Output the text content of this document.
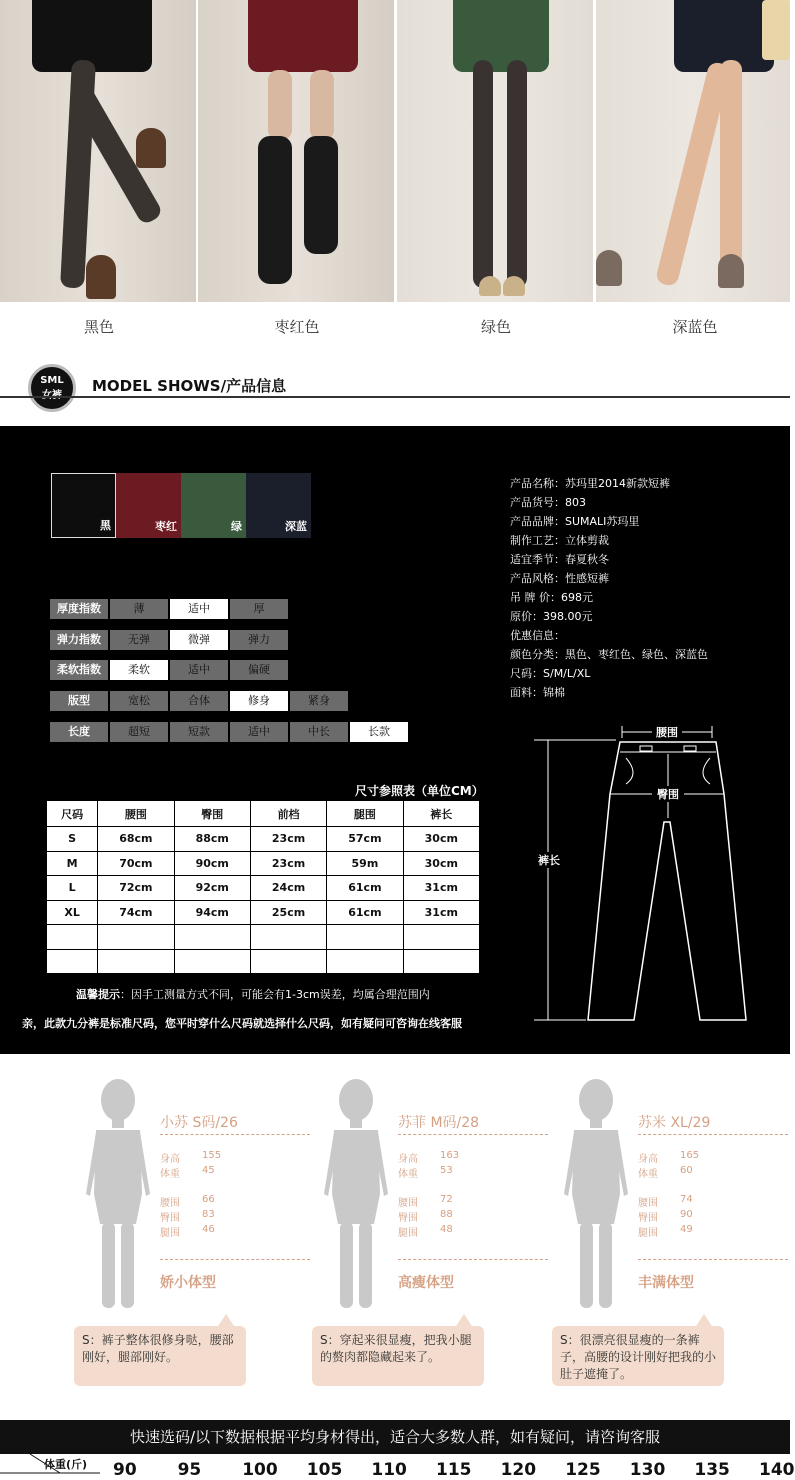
黑色	枣红色	绿色	深蓝色
SML	MODEL SHOWS/产品信息
黑	枣红	绿	深蓝
厚度指数	薄	适中	厚
弹力指数	无弹	微弹	弹力
柔软指数	柔软	适中	偏硬
版型	宽松	合体	修身	紧身
长度	超短	短款	适中	中长	长款
尺寸参照表（单位CM）
尺码	腰围	臀围	前档	腿围	裤长
S	68cm	88cm	23cm	57cm	30cm
M	70cm	90cm	23cm	59m	30cm
L	72cm	92cm	24cm	61cm	31cm
XL	74cm	94cm	25cm	61cm	31cm

温馨提示：因手工测量方式不同，可能会有1-3cm误差，均属合理范围内
亲，此款九分裤是标准尺码，您平时穿什么尺码就选择什么尺码，如有疑问可咨询在线客服
产品名称：苏玛里2014新款短裤
产品货号：803
产品品牌：SUMALI苏玛里
制作工艺：立体剪裁
适宜季节：春夏秋冬
产品风格：性感短裤
吊 牌 价：698元
原价：398.00元
优惠信息：
颜色分类：黑色、枣红色、绿色、深蓝色
尺码：S/M/L/XL
面料：锦棉
腰围
臀围
裤长
小苏 S码/26
身高 155
体重 45
腰围 66
臀围 83
腿围 46
娇小体型
S：裤子整体很修身哒，腰部刚好，腿部刚好。
苏菲 M码/28
身高 163
体重 53
腰围 72
臀围 88
腿围 48
高瘦体型
S：穿起来很显瘦，把我小腿的赘肉都隐藏起来了。
苏米 XL/29
身高 165
体重 60
腰围 74
臀围 90
腿围 49
丰满体型
S：很漂亮很显瘦的一条裤子，高腰的设计刚好把我的小肚子遮掩了。
快速选码/以下数据根据平均身材得出，适合大多数人群，如有疑问，请咨询客服
体重(斤) 90 95 100 105 110 115 120 125 130 135 140
